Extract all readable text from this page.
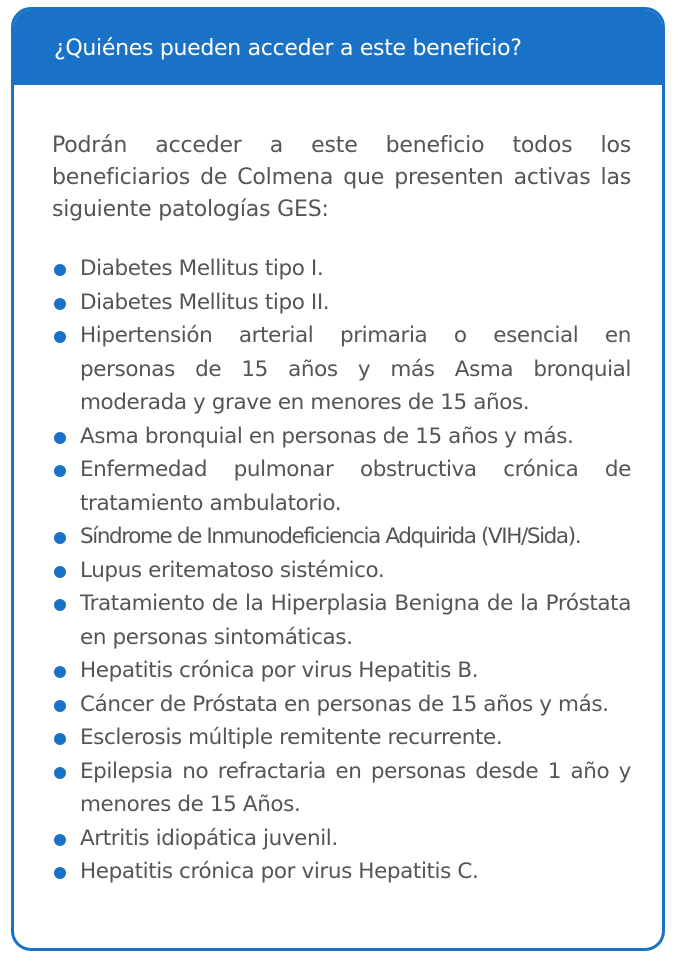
¿Quiénes pueden acceder a este beneficio?

Podrán acceder a este beneficio todos los beneficiarios de Colmena que presenten activas las siguiente patologías GES:

Diabetes Mellitus tipo I.
Diabetes Mellitus tipo II.
Hipertensión arterial primaria o esencial en personas de 15 años y más Asma bronquial moderada y grave en menores de 15 años.
Asma bronquial en personas de 15 años y más.
Enfermedad pulmonar obstructiva crónica de tratamiento ambulatorio.
Síndrome de Inmunodeficiencia Adquirida (VIH/Sida).
Lupus eritematoso sistémico.
Tratamiento de la Hiperplasia Benigna de la Próstata en personas sintomáticas.
Hepatitis crónica por virus Hepatitis B.
Cáncer de Próstata en personas de 15 años y más.
Esclerosis múltiple remitente recurrente.
Epilepsia no refractaria en personas desde 1 año y menores de 15 Años.
Artritis idiopática juvenil.
Hepatitis crónica por virus Hepatitis C.
